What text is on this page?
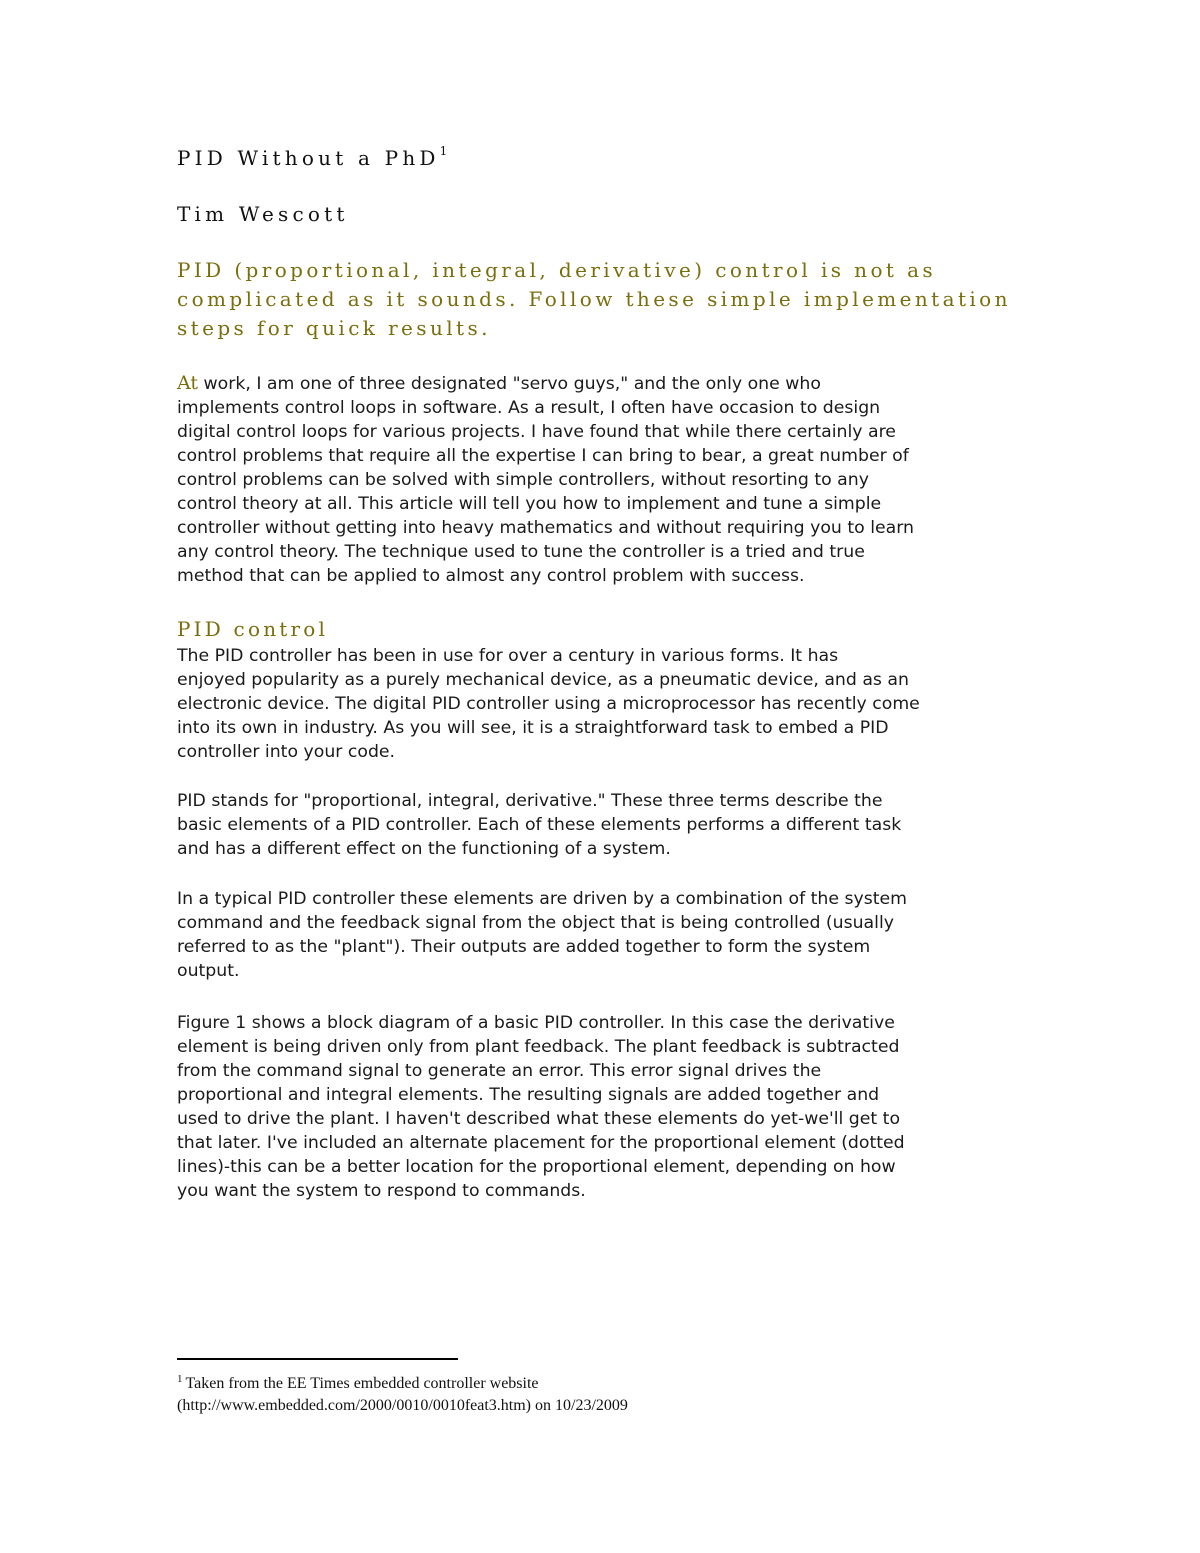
PID Without a PhD$^1$
Tim Wescott
PID (proportional, integral, derivative) control is not as
complicated as it sounds. Follow these simple implementation
steps for quick results.
At work, I am one of three designated "servo guys," and the only one who
implements control loops in software. As a result, I often have occasion to design
digital control loops for various projects. I have found that while there certainly are
control problems that require all the expertise I can bring to bear, a great number of
control problems can be solved with simple controllers, without resorting to any
control theory at all. This article will tell you how to implement and tune a simple
controller without getting into heavy mathematics and without requiring you to learn
any control theory. The technique used to tune the controller is a tried and true
method that can be applied to almost any control problem with success.
PID control
The PID controller has been in use for over a century in various forms. It has
enjoyed popularity as a purely mechanical device, as a pneumatic device, and as an
electronic device. The digital PID controller using a microprocessor has recently come
into its own in industry. As you will see, it is a straightforward task to embed a PID
controller into your code.
PID stands for "proportional, integral, derivative." These three terms describe the
basic elements of a PID controller. Each of these elements performs a different task
and has a different effect on the functioning of a system.
In a typical PID controller these elements are driven by a combination of the system
command and the feedback signal from the object that is being controlled (usually
referred to as the "plant"). Their outputs are added together to form the system
output.
Figure 1 shows a block diagram of a basic PID controller. In this case the derivative
element is being driven only from plant feedback. The plant feedback is subtracted
from the command signal to generate an error. This error signal drives the
proportional and integral elements. The resulting signals are added together and
used to drive the plant. I haven't described what these elements do yet-we'll get to
that later. I've included an alternate placement for the proportional element (dotted
lines)-this can be a better location for the proportional element, depending on how
you want the system to respond to commands.
$^1$ Taken from the EE Times embedded controller website
(http://www.embedded.com/2000/0010/0010feat3.htm) on 10/23/2009
